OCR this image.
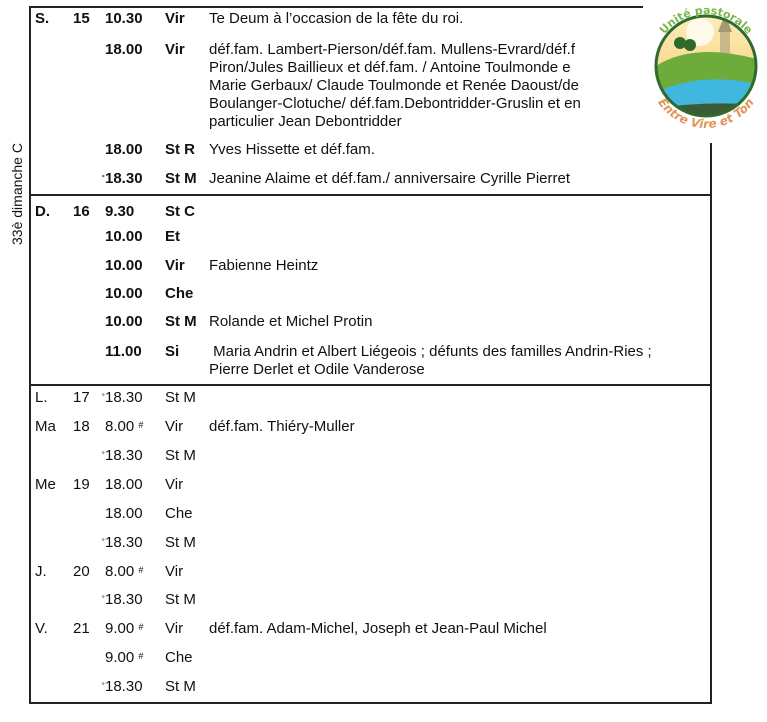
33è dimanche C
S. 15 10.30 Vir Te Deum à l’occasion de la fête du roi.
18.00 Vir déf.fam. Lambert-Pierson/déf.fam. Mullens-Evrard/déf.f
Piron/Jules Baillieux et déf.fam. / Antoine Toulmonde e
Marie Gerbaux/ Claude Toulmonde et Renée Daoust/de
Boulanger-Clotuche/ déf.fam.Debontridder-Gruslin et en
particulier Jean Debontridder
18.00 St R Yves Hissette et déf.fam.
˚18.30 St M Jeanine Alaime et déf.fam./ anniversaire Cyrille Pierret
D. 16 9.30 St C
10.00 Et
10.00 Vir Fabienne Heintz
10.00 Che
10.00 St M Rolande et Michel Protin
11.00 Si Maria Andrin et Albert Liégeois ; défunts des familles Andrin-Ries ;
Pierre Derlet et Odile Vanderose
L. 17 ˚18.30 St M
Ma 18 8.00 # Vir déf.fam. Thiéry-Muller
˚18.30 St M
Me 19 18.00 Vir
18.00 Che
˚18.30 St M
J. 20 8.00 # Vir
˚18.30 St M
V. 21 9.00 # Vir déf.fam. Adam-Michel, Joseph et Jean-Paul Michel
9.00 # Che
˚18.30 St M
Unité pastorale
Entre Vire et Ton
